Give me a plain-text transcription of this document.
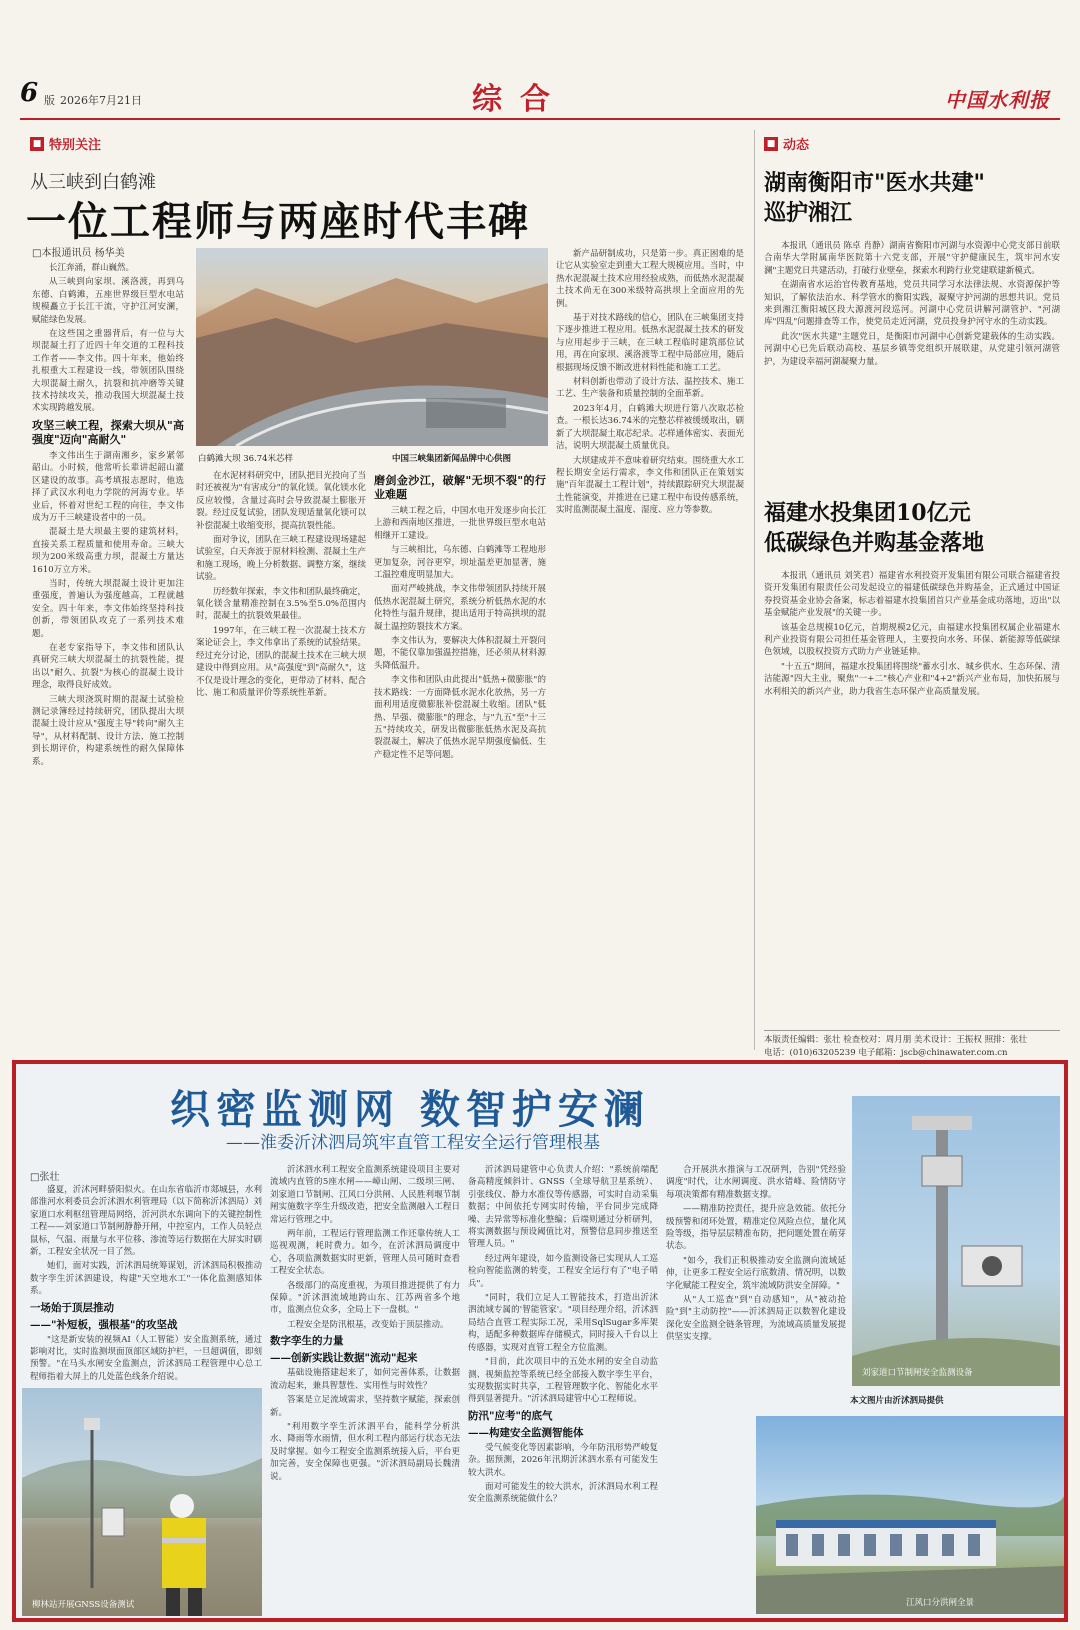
6 版 2026年7月21日	综合	中国水利报
■ 特别关注	■ 动态
从三峡到白鹤滩
一位工程师与两座时代丰碑
□本报通讯员 杨华美

长江奔涌，群山巍然。

从三峡到向家坝、溪洛渡，再到乌东德、白鹤滩，五座世界级巨型水电站规模矗立于长江干流，守护江河安澜，赋能绿色发展。

在这些国之重器背后，有一位与大坝混凝土打了近四十年交道的工程科技工作者——李文伟。四十年来，他始终扎根重大工程建设一线，带领团队围绕大坝混凝土耐久，抗裂和抗冲磨等关键技术持续攻关，推动我国大坝混凝土技术实现跨越发展。

攻坚三峡工程，探索大坝从"高强度"迈向"高耐久"

李文伟出生于湖南湘乡，家乡紧邻韶山。小时候，他常听长辈讲起韶山灌区建设的故事。高考填报志愿时，他选择了武汉水利电力学院的河海专业。毕业后，怀着对世纪工程的向往，李文伟成为万千三峡建设者中的一员。

混凝土是大坝最主要的建筑材料，直接关系工程质量和使用寿命。三峡大坝为200米级高重力坝，混凝土方量达1610万立方米。

当时，传统大坝混凝土设计更加注重强度，普遍认为强度越高，工程就越安全。四十年来，李文伟始终坚持科技创新，带领团队攻克了一系列技术难题。

在老专家指导下，李文伟和团队认真研究三峡大坝混凝土的抗裂性能，提出以"耐久、抗裂"为核心的混凝土设计理念，取得良好成效。

三峡大坝浇筑时期的混凝土试验检测记录簿经过持续研究，团队提出大坝混凝土设计应从"强度主导"转向"耐久主导"，从材料配制、设计方法、施工控制到长期评价，构建系统性的耐久保障体系。

白鹤滩大坝 36.74米芯样	中国三峡集团新闻品牌中心供图

在水泥材料研究中，团队把目光投向了当时还被视为"有害成分"的氧化镁。氧化镁水化反应较慢，含量过高时会导致混凝土膨胀开裂。经过反复试验，团队发现适量氧化镁可以补偿混凝土收缩变形，提高抗裂性能。

面对争议，团队在三峡工程建设现场建起试验室，白天奔波于原材料检测、混凝土生产和施工现场，晚上分析数据、调整方案，继续试验。

历经数年探索，李文伟和团队最终确定，氧化镁含量精准控制在3.5%至5.0%范围内时，混凝土的抗裂效果最佳。

1997年，在三峡工程一次混凝土技术方案论证会上，李文伟拿出了系统的试验结果。经过充分讨论，团队的混凝土技术在三峡大坝建设中得到应用。从"高强度"到"高耐久"，这不仅是设计理念的变化，更带动了材料、配合比、施工和质量评价等系统性革新。

磨剑金沙江，破解"无坝不裂"的行业难题

三峡工程之后，中国水电开发逐步向长江上游和西南地区推进，一批世界级巨型水电站相继开工建设。

与三峡相比，乌东德、白鹤滩等工程地形更加复杂，河谷更窄，坝址温差更加显著，施工温控难度明显加大。

面对严峻挑战，李文伟带领团队持续开展低热水泥混凝土研究，系统分析低热水泥的水化特性与温升规律，提出适用于特高拱坝的混凝土温控防裂技术方案。

李文伟认为，要解决大体积混凝土开裂问题，不能仅靠加强温控措施，还必须从材料源头降低温升。

李文伟和团队由此提出"低热+微膨胀"的技术路线：一方面降低水泥水化放热，另一方面利用适度微膨胀补偿混凝土收缩。团队"低热、早强、微膨胀"的理念，与"九五"至"十三五"持续攻关，研发出微膨胀低热水泥及高抗裂混凝土，解决了低热水泥早期强度偏低、生产稳定性不足等问题。

新产品研制成功，只是第一步。真正困难的是让它从实验室走到重大工程大规模应用。当时，中热水泥混凝土技术应用经验成熟，而低热水泥混凝土技术尚无在300米级特高拱坝上全面应用的先例。

基于对技术路线的信心，团队在三峡集团支持下逐步推进工程应用。低热水泥混凝土技术的研发与应用起步于三峡，在三峡工程临时建筑部位试用，再在向家坝、溪洛渡等工程中局部应用，随后根据现场反馈不断改进材料性能和施工工艺。

材料创新也带动了设计方法、温控技术、施工工艺、生产装备和质量控制的全面革新。

2023年4月，白鹤滩大坝进行第八次取芯检查。一根长达36.74米的完整芯样被缓缓取出，刷新了大坝混凝土取芯纪录。芯样通体密实、表面光洁，说明大坝混凝土质量优良。

大坝建成并不意味着研究结束。围绕重大水工程长期安全运行需求，李文伟和团队正在策划实施"百年混凝土工程计划"，持续跟踪研究大坝混凝土性能演变，并推进在已建工程中布设传感系统，实时监测混凝土温度、湿度、应力等参数。

湖南衡阳市"医水共建"
巡护湘江

本报讯（通讯员 陈卓 肖静）湖南省衡阳市河湖与水资源中心党支部日前联合南华大学附属南华医院第十六党支部，开展"守护健康民生，筑牢河水安澜"主题党日共建活动，打破行业壁垒，探索水利跨行业党建联建新模式。

在湖南省水运治官传教育基地，党员共同学习水法律法规、水资源保护等知识，了解依法治水、科学管水的衡阳实践，凝聚守护河湖的思想共识。党员来到湘江衡阳城区段大源渡河段巡河。河湖中心党员讲解河湖管护、"河湖库"四乱"问题排查等工作，使党员走近河湖，党员投身护河守水的生动实践。

此次"医水共建"主题党日，是衡阳市河湖中心创新党建载体的生动实践。河湖中心已先后联动高校、基层乡镇等党组织开展联建，从党建引领河湖管护，为建设幸福河湖凝聚力量。

福建水投集团10亿元
低碳绿色并购基金落地

本报讯（通讯员 刘笑君）福建省水利投资开发集团有限公司联合福建省投资开发集团有限责任公司发起设立的福建低碳绿色并购基金，正式通过中国证券投资基金业协会备案，标志着福建水投集团首只产业基金成功落地，迈出"以基金赋能产业发展"的关键一步。

该基金总规模10亿元，首期规模2亿元，由福建水投集团权属企业福建水利产业投资有限公司担任基金管理人，主要投向水务、环保、新能源等低碳绿色领域，以股权投资方式助力产业链延伸。

"十五五"期间，福建水投集团将围绕"蓄水引水、城乡供水、生态环保、清洁能源"四大主业，聚焦"一+二"核心产业和"4+2"新兴产业布局，加快拓展与水利相关的新兴产业，助力我省生态环保产业高质量发展。

本版责任编辑：张壮 检查校对：周月朋 美术设计：王振权 照排：张壮
电话：(010)63205239 电子邮箱：jscb@chinawater.com.cn
织密监测网 数智护安澜
——淮委沂沭泗局筑牢直管工程安全运行管理根基
□张壮

盛夏，沂沭河畔骄阳似火。在山东省临沂市郯城县，水利部淮河水利委员会沂沭泗水利管理局（以下简称沂沭泗局）刘家道口水利枢纽管理局网络，沂河洪水东调向下的关键控制性工程——刘家道口节制闸静静开闸，中控室内，工作人员轻点鼠标，气温、雨量与水平位移、渗流等运行数据在大屏实时刷新，工程安全状况一目了然。

她们，面对实践，沂沭泗局统筹谋划，沂沭泗局积极推动数字孪生沂沭泗建设，构建"天空地水工"一体化监测感知体系。

一场始于顶层推动
——"补短板，强根基"的攻坚战

"这是新安装的视频AI（人工智能）安全监测系统，通过影响对比，实时监测坝面顶部区域防护栏，一旦超调值，即刻预警。"在马头水闸安全监测点，沂沭泗局工程管理中心总工程师指着大屏上的几处蓝色线条介绍说。

柳林站开展GNSS设备测试

沂沭泗水利工程安全监测系统建设项目主要对流域内直管的5座水闸——嶂山闸、二级坝三闸、刘家道口节制闸、江风口分洪闸、人民胜利堰节制闸实施数字孪生升级改造，把安全监测融入工程日常运行管理之中。

两年前，工程运行管理监测工作还靠传统人工巡视观测，耗时费力。如今，在沂沭泗局调度中心，各项监测数据实时更新，管理人员可随时查看工程安全状态。

各级部门的高度重视，为项目推进提供了有力保障。"沂沭泗流域地跨山东、江苏两省多个地市，监测点位众多，全局上下一盘棋。"

工程安全是防汛根基，改变始于顶层推动。

数字孪生的力量
——创新实践让数据"流动"起来

基础设施搭建起来了，如何完善体系，让数据流动起来，兼具智慧性、实用性与时效性？

答案是立足流域需求，坚持数字赋能，探索创新。

"利用数字孪生沂沭泗平台，能科学分析洪水、降雨等水雨情，但水利工程内部运行状态无法及时掌握。如今工程安全监测系统接入后，平台更加完善，安全保障也更强。"沂沭泗局副局长魏清说。

沂沭泗局建管中心负责人介绍："系统前端配备高精度倾斜计、GNSS（全球导航卫星系统）、引张线仪、静力水准仪等传感器，可实时自动采集数据；中间依托专网实时传输，平台同步完成降噪、去异常等标准化整编；后端则通过分析研判，将实测数据与预设阈值比对，预警信息同步推送至管理人员。"

经过两年建设，如今监测设备已实现从人工巡检向智能监测的转变，工程安全运行有了"电子哨兵"。

"同时，我们立足人工智能技术，打造出沂沭泗流域专属的'智能管家'。"项目经理介绍，沂沭泗局结合直管工程实际工况，采用SqlSugar多库架构，适配多种数据库存储模式，同时接入千台以上传感器，实现对直管工程全方位监测。

"目前，此次项目中的五处水闸的安全自动监测、视频监控等系统已经全部接入数字孪生平台，实现数据实时共享，工程管理数字化、智能化水平得到显著提升。"沂沭泗局建管中心工程师说。

防汛"应考"的底气
——构建安全监测智能体

受气候变化等因素影响，今年防汛形势严峻复杂。据预测，2026年汛期沂沭泗水系有可能发生较大洪水。

面对可能发生的较大洪水，沂沭泗局水利工程安全监测系统能做什么？

合开展洪水推演与工况研判，告别"凭经验调度"时代，让水闸调度、洪水错峰、险情防守每项决策都有精准数据支撑。

——精准防控责任，提升应急效能。依托分级预警和闭环处置，精准定位风险点位，量化风险等级，指导层层精准布防，把问题处置在萌芽状态。

"如今，我们正积极推动安全监测向流域延伸，让更多工程安全运行底数清、情况明，以数字化赋能工程安全，筑牢流域防洪安全屏障。"

从"人工巡查"到"自动感知"，从"被动抢险"到"主动防控"——沂沭泗局正以数智化建设深化安全监测全链条管理，为流域高质量发展提供坚实支撑。

刘家道口节制闸安全监测设备
本文图片由沂沭泗局提供
江风口分洪闸全景
